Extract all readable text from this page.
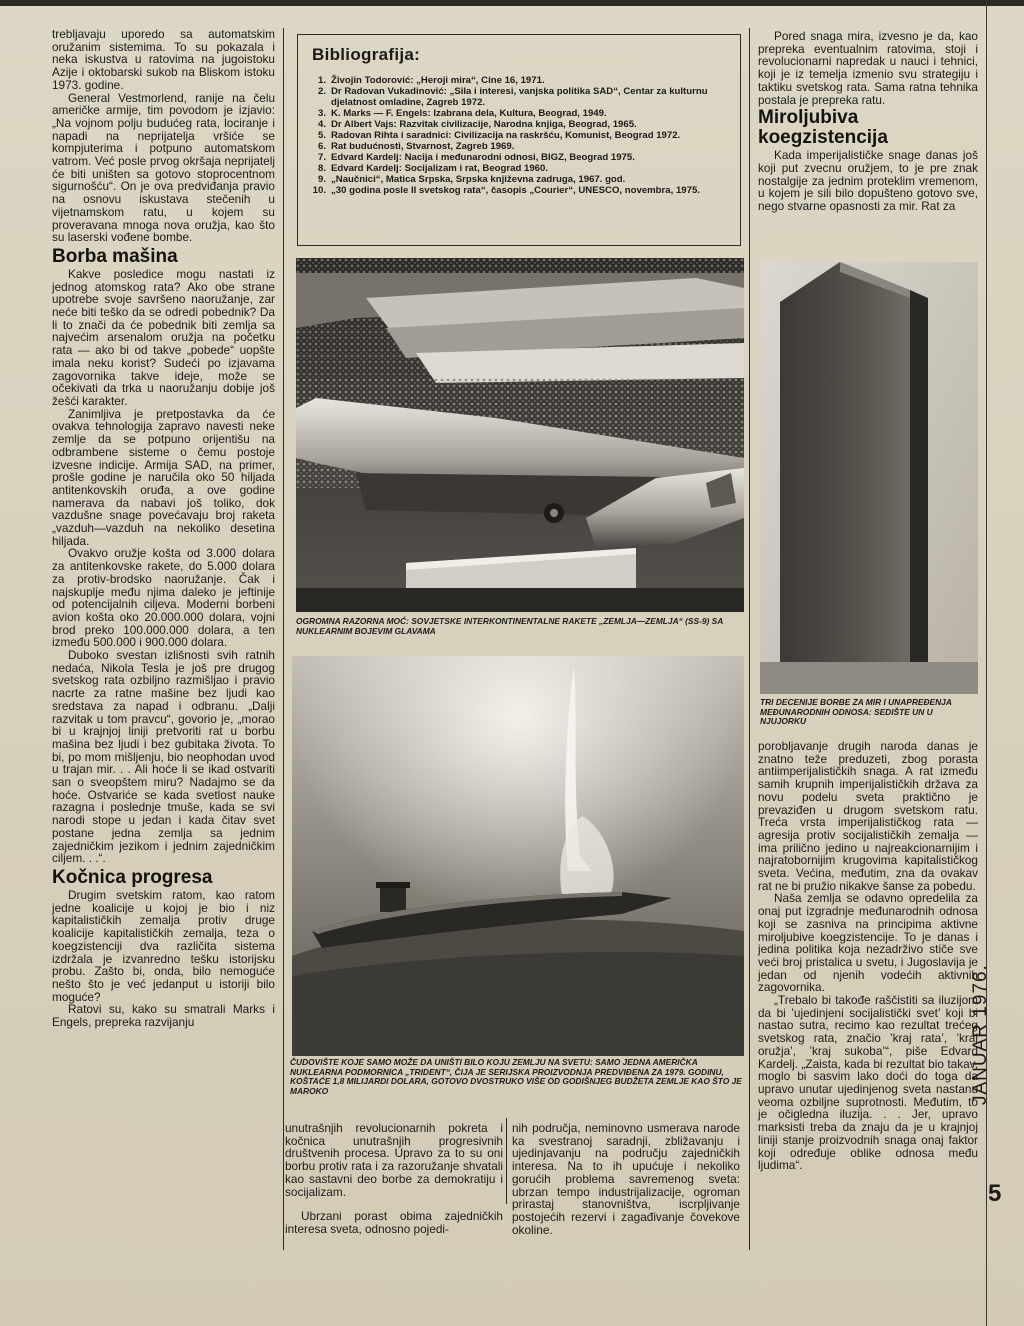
trebljavaju uporedo sa automatskim oružanim sistemima. To su pokazala i neka iskustva u ratovima na jugoistoku Azije i oktobarski sukob na Bliskom istoku 1973. godine.

General Vestmorlend, ranije na čelu američke armije, tim povodom je izjavio: „Na vojnom polju budućeg rata, lociranje i napadi na neprijatelja vršiće se kompjuterima i potpuno automatskom vatrom. Već posle prvog okršaja neprijatelj će biti uništen sa gotovo stoprocentnom sigurnošću“. On je ova predviđanja pravio na osnovu iskustava stečenih u vijetnamskom ratu, u kojem su proveravana mnoga nova oružja, kao što su laserski vođene bombe.

Borba mašina

Kakve posledice mogu nastati iz jednog atomskog rata? Ako obe strane upotrebe svoje savršeno naoružanje, zar neće biti teško da se odredi pobednik? Da li to znači da će pobednik biti zemlja sa najvećim arsenalom oružja na početku rata — ako bi od takve „pobede“ uopšte imala neku korist? Sudeći po izjavama zagovornika takve ideje, može se očekivati da trka u naoružanju dobije još žešći karakter.

Zanimljiva je pretpostavka da će ovakva tehnologija zapravo navesti neke zemlje da se potpuno orijentišu na odbrambene sisteme o čemu postoje izvesne indicije. Armija SAD, na primer, prošle godine je naručila oko 50 hiljada antitenkovskih oruđa, a ove godine namerava da nabavi još toliko, dok vazdušne snage povećavaju broj raketa „vazduh—vazduh na nekoliko desetina hiljada.

Ovakvo oružje košta od 3.000 dolara za antitenkovske rakete, do 5.000 dolara za protiv-brodsko naoružanje. Čak i najskuplje među njima daleko je jeftinije od potencijalnih ciljeva. Moderni borbeni avion košta oko 20.000.000 dolara, vojni brod preko 100.000.000 dolara, a ten između 500.000 i 900.000 dolara.

Duboko svestan izlišnosti svih ratnih nedaća, Nikola Tesla je još pre drugog svetskog rata ozbiljno razmišljao i pravio nacrte za ratne mašine bez ljudi kao sredstava za napad i odbranu. „Dalji razvitak u tom pravcu“, govorio je, „morao bi u krajnjoj liniji pretvoriti rat u borbu mašina bez ljudi i bez gubitaka života. To bi, po mom mišljenju, bio neophodan uvod u trajan mir. . . Ali hoće li se ikad ostvariti san o sveopštem miru? Nadajmo se da hoće. Ostvariće se kada svetlost nauke razagna i poslednje tmuše, kada se svi narodi stope u jedan i kada čitav svet postane jedna zemlja sa jednim zajedničkim jezikom i jednim zajedničkim ciljem. . .“.

Kočnica progresa

Drugim svetskim ratom, kao ratom jedne koalicije u kojoj je bio i niz kapitalističkih zemalja protiv druge koalicije kapitalističkih zemalja, teza o koegzistenciji dva različita sistema izdržala je izvanredno tešku istorijsku probu. Zašto bi, onda, bilo nemoguće nešto što je već jedanput u istoriji bilo moguće?

Ratovi su, kako su smatrali Marks i Engels, prepreka razvijanju

Bibliografija:
1. Živojin Todorović: „Heroji mira“, Cine 16, 1971.
2. Dr Radovan Vukadinović: „Sila i interesi, vanjska politika SAD“, Centar za kulturnu djelatnost omladine, Zagreb 1972.
3. K. Marks — F. Engels: Izabrana dela, Kultura, Beograd, 1949.
4. Dr Albert Vajs: Razvitak civilizacije, Narodna knjiga, Beograd, 1965.
5. Radovan Rihta i saradnici: Civilizacija na raskršću, Komunist, Beograd 1972.
6. Rat budućnosti, Stvarnost, Zagreb 1969.
7. Edvard Kardelj: Nacija i međunarodni odnosi, BIGZ, Beograd 1975.
8. Edvard Kardelj: Socijalizam i rat, Beograd 1960.
9. „Naučnici“, Matica Srpska, Srpska književna zadruga, 1967. god.
10. „30 godina posle II svetskog rata“, časopis „Courier“, UNESCO, novembra, 1975.
OGROMNA RAZORNA MOĆ: SOVJETSKE INTERKONTINENTALNE RAKETE „ZEMLJA—ZEMLJA“ (SS-9) SA NUKLEARNIM BOJEVIM GLAVAMA
ČUDOVIŠTE KOJE SAMO MOŽE DA UNIŠTI BILO KOJU ZEMLJU NA SVETU: SAMO JEDNA AMERIČKA NUKLEARNA PODMORNICA „TRIDENT“, ČIJA JE SERIJSKA PROIZVODNJA PREDVIĐENA ZA 1979. GODINU, KOŠTAĆE 1,8 MILIJARDI DOLARA, GOTOVO DVOSTRUKO VIŠE OD GODIŠNJEG BUDŽETA ZEMLJE KAO ŠTO JE MAROKO

unutrašnjih revolucionarnih pokreta i kočnica unutrašnjih progresivnih društvenih procesa. Upravo za to su oni borbu protiv rata i za razoružanje shvatali kao sastavni deo borbe za demokratiju i socijalizam.

Ubrzani porast obima zajedničkih interesa sveta, odnosno pojedi-

nih područja, neminovno usmerava narode ka svestranoj saradnji, zbližavanju i ujedinjavanju na području zajedničkih interesa. Na to ih upućuje i nekoliko gorućih problema savremenog sveta: ubrzan tempo industrijalizacije, ogroman prirastaj stanovništva, iscrpljivanje postojećih rezervi i zagađivanje čovekove okoline.

Pored snaga mira, izvesno je da, kao prepreka eventualnim ratovima, stoji i revolucionarni napredak u nauci i tehnici, koji je iz temelja izmenio svu strategiju i taktiku svetskog rata. Sama ratna tehnika postala je prepreka ratu.

Miroljubiva koegzistencija

Kada imperijalističke snage danas još koji put zvecnu oružjem, to je pre znak nostalgije za jednim proteklim vremenom, u kojem je sili bilo dopušteno gotovo sve, nego stvarne opasnosti za mir. Rat za

TRI DECENIJE BORBE ZA MIR I UNAPREĐENJA MEĐUNARODNIH ODNOSA: SEDIŠTE UN U NJUJORKU

porobljavanje drugih naroda danas je znatno teže preduzeti, zbog porasta antiimperijalističkih snaga. A rat između samih krupnih imperijalističkih država za novu podelu sveta praktično je prevaziđen u drugom svetskom ratu. Treća vrsta imperijalističkog rata — agresija protiv socijalističkih zemalja — ima prilično jedino u najreakcionarnijim i najratobornijim krugovima kapitalističkog sveta. Većina, međutim, zna da ovakav rat ne bi pružio nikakve šanse za pobedu.

Naša zemlja se odavno opredelila za onaj put izgradnje međunarodnih odnosa koji se zasniva na principima aktivne miroljubive koegzistencije. To je danas i jedina politika koja nezadrživo stiče sve veći broj pristalica u svetu, i Jugoslavija je jedan od njenih vodećih aktivnih zagovornika.

„Trebalo bi takođe raščistiti sa iluzijom da bi ’ujedinjeni socijalistički svet’ koji bi nastao sutra, recimo kao rezultat trećeg svetskog rata, značio ’kraj rata’, ’kraj oružja’, ’kraj sukoba’“, piše Edvard Kardelj. „Zaista, kada bi rezultat bio takav, moglo bi sasvim lako doći do toga da upravo unutar ujedinjenog sveta nastanu veoma ozbiljne suprotnosti. Međutim, to je očigledna iluzija. . . Jer, upravo marksisti treba da znaju da je u krajnjoj liniji stanje proizvodnih snaga onaj faktor koji određuje oblike odnosa među ljudima“.

JANUAR 1976.
5
